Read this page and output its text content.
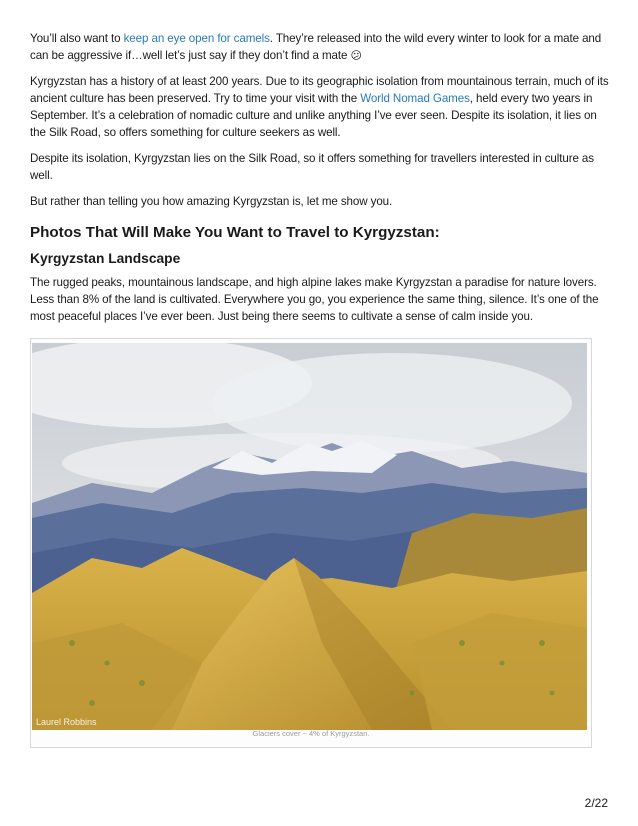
You’ll also want to keep an eye open for camels. They’re released into the wild every winter to look for a mate and can be aggressive if…well let’s just say if they don’t find a mate 😕

Kyrgyzstan has a history of at least 200 years. Due to its geographic isolation from mountainous terrain, much of its ancient culture has been preserved. Try to time your visit with the World Nomad Games, held every two years in September. It’s a celebration of nomadic culture and unlike anything I’ve ever seen. Despite its isolation, it lies on the Silk Road, so offers something for culture seekers as well.

Despite its isolation, Kyrgyzstan lies on the Silk Road, so it offers something for travellers interested in culture as well.

But rather than telling you how amazing Kyrgyzstan is, let me show you.

Photos That Will Make You Want to Travel to Kyrgyzstan:
Kyrgyzstan Landscape

The rugged peaks, mountainous landscape, and high alpine lakes make Kyrgyzstan a paradise for nature lovers. Less than 8% of the land is cultivated. Everywhere you go, you experience the same thing, silence. It’s one of the most peaceful places I’ve ever been. Just being there seems to cultivate a sense of calm inside you.

Laurel Robbins
Glaciers cover ~ 4% of Kyrgyzstan.
2/22
